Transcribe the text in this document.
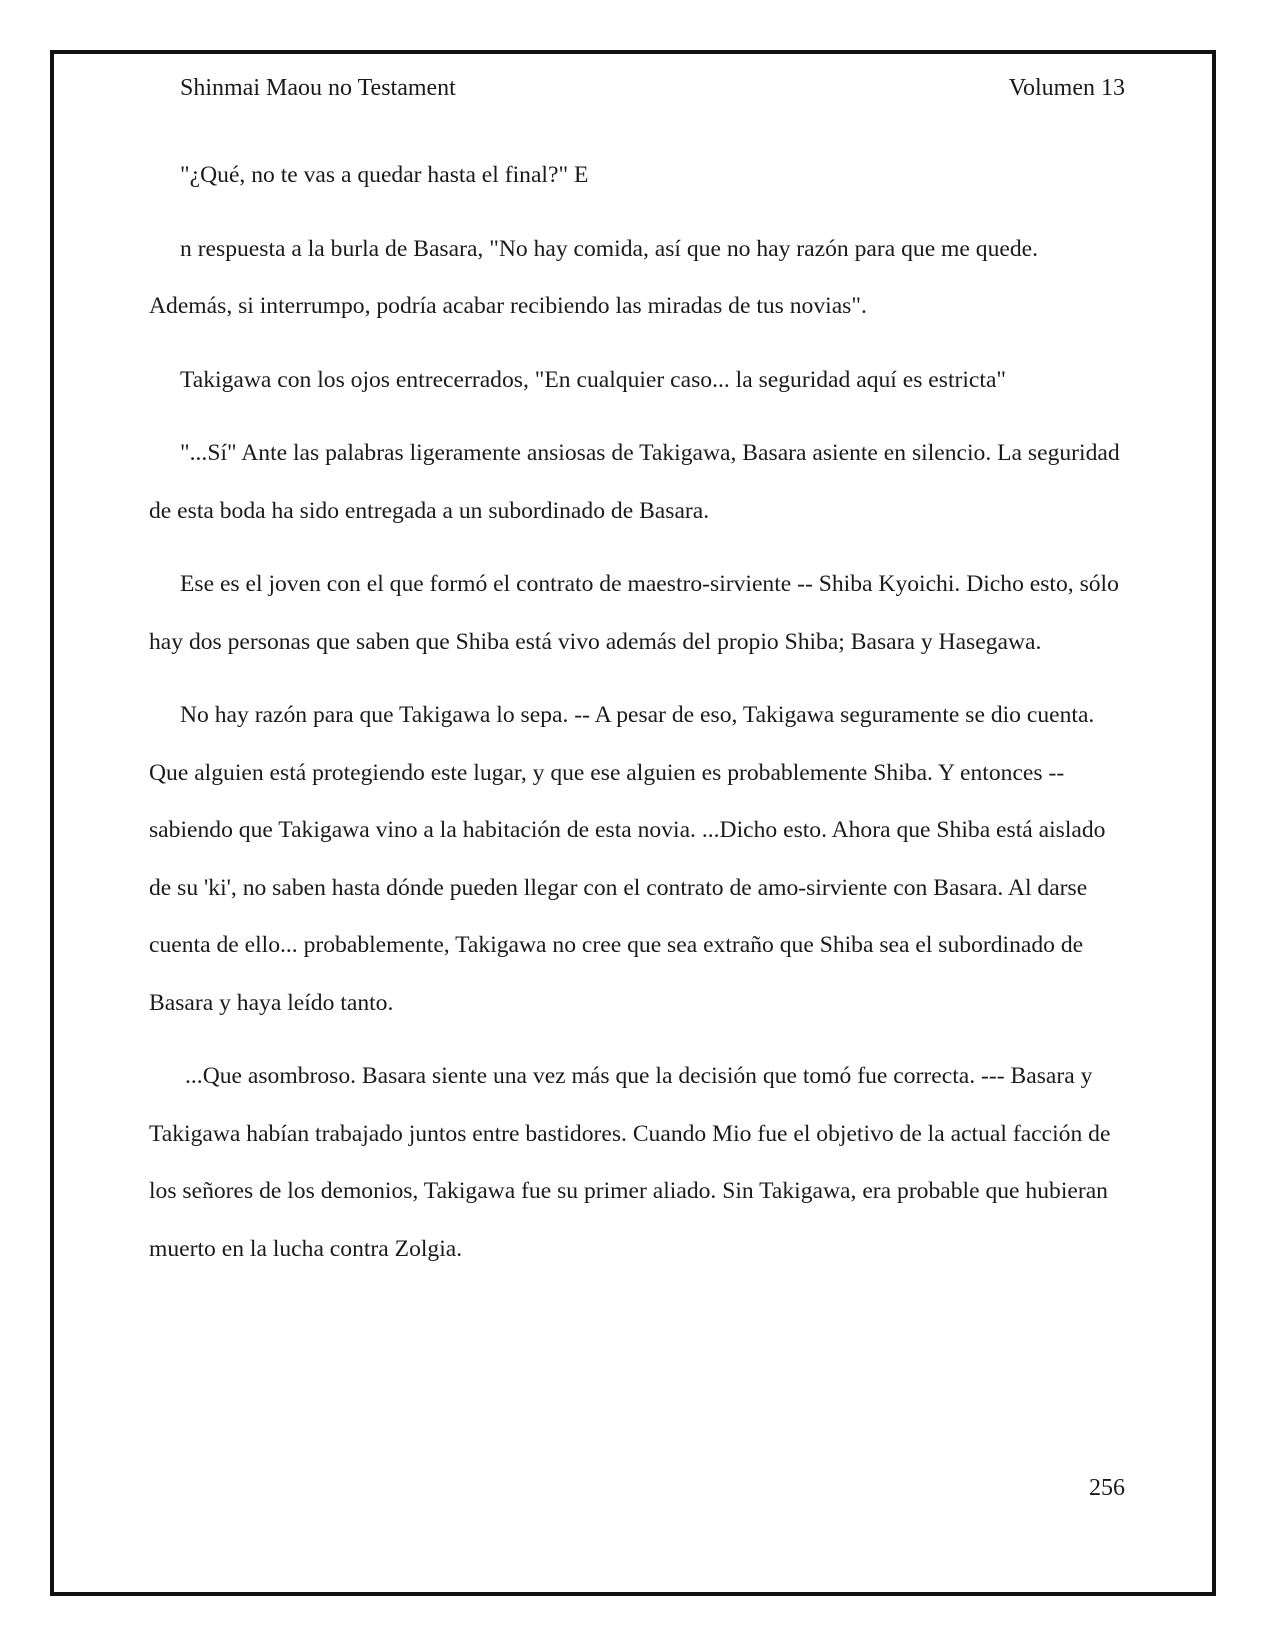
Shinmai Maou no Testament	Volumen 13

"¿Qué, no te vas a quedar hasta el final?" E

n respuesta a la burla de Basara, "No hay comida, así que no hay razón para que me quede. Además, si interrumpo, podría acabar recibiendo las miradas de tus novias".

Takigawa con los ojos entrecerrados, "En cualquier caso... la seguridad aquí es estricta"

"...Sí" Ante las palabras ligeramente ansiosas de Takigawa, Basara asiente en silencio. La seguridad de esta boda ha sido entregada a un subordinado de Basara.

Ese es el joven con el que formó el contrato de maestro-sirviente -- Shiba Kyoichi. Dicho esto, sólo hay dos personas que saben que Shiba está vivo además del propio Shiba; Basara y Hasegawa.

No hay razón para que Takigawa lo sepa. -- A pesar de eso, Takigawa seguramente se dio cuenta. Que alguien está protegiendo este lugar, y que ese alguien es probablemente Shiba. Y entonces -- sabiendo que Takigawa vino a la habitación de esta novia. ...Dicho esto. Ahora que Shiba está aislado de su 'ki', no saben hasta dónde pueden llegar con el contrato de amo-sirviente con Basara. Al darse cuenta de ello... probablemente, Takigawa no cree que sea extraño que Shiba sea el subordinado de Basara y haya leído tanto.

...Que asombroso. Basara siente una vez más que la decisión que tomó fue correcta. --- Basara y Takigawa habían trabajado juntos entre bastidores. Cuando Mio fue el objetivo de la actual facción de los señores de los demonios, Takigawa fue su primer aliado. Sin Takigawa, era probable que hubieran muerto en la lucha contra Zolgia.

256
